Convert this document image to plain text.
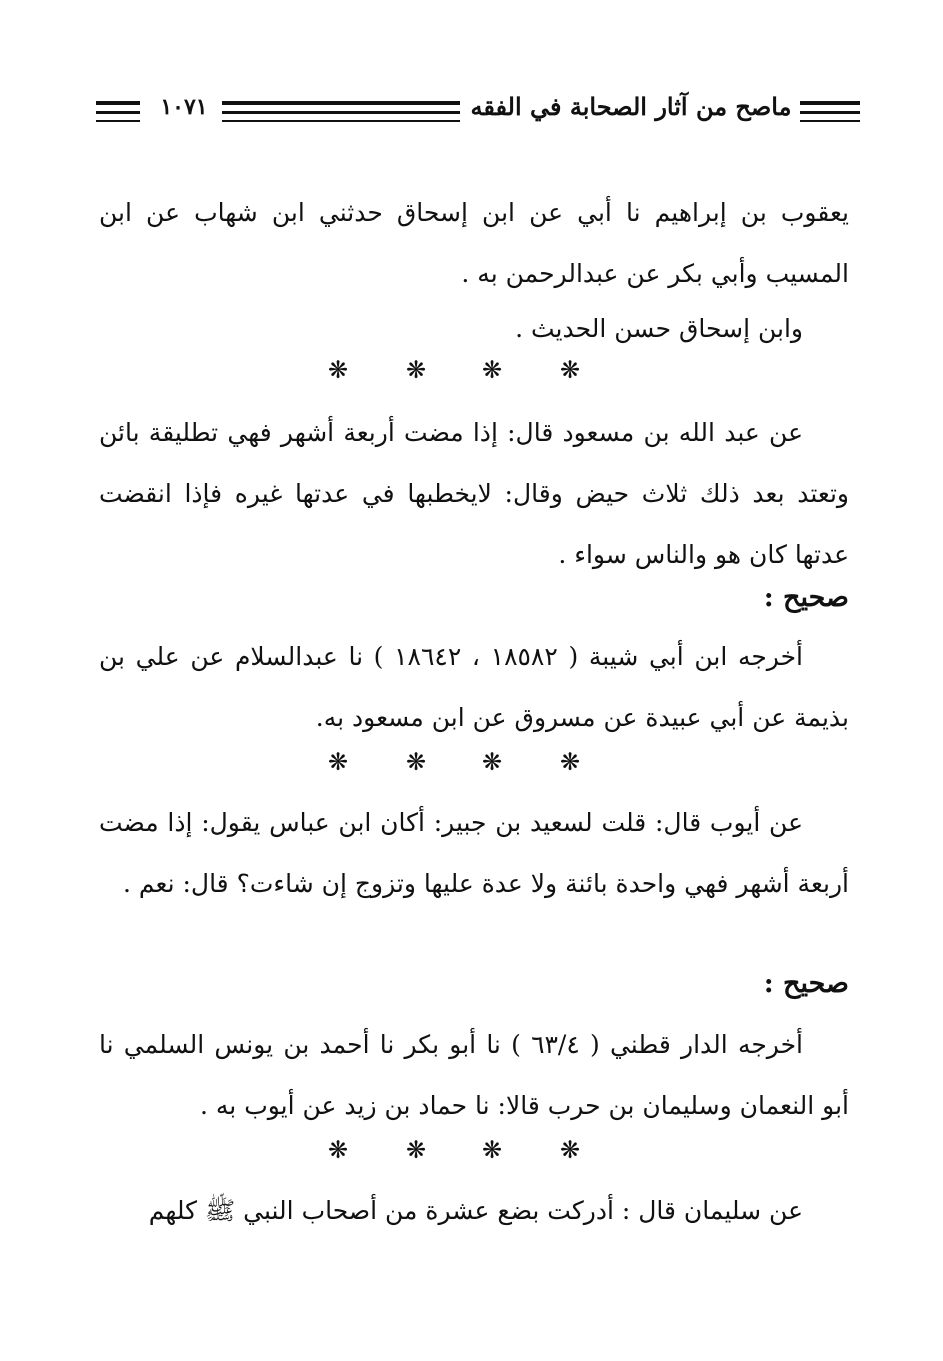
١٠٧١	ماصح من آثار الصحابة في الفقه
يعقوب بن إبراهيم نا أبي عن ابن إسحاق حدثني ابن شهاب عن ابن المسيب وأبي بكر عن عبدالرحمن به .
وابن إسحاق حسن الحديث .
❋ ❋ ❋ ❋
عن عبد الله بن مسعود قال: إذا مضت أربعة أشهر فهي تطليقة بائن وتعتد بعد ذلك ثلاث حيض وقال: لايخطبها في عدتها غيره فإذا انقضت عدتها كان هو والناس سواء .
صحيح :
أخرجه ابن أبي شيبة ( ١٨٥٨٢ ، ١٨٦٤٢ ) نا عبدالسلام عن علي بن بذيمة عن أبي عبيدة عن مسروق عن ابن مسعود به.
❋ ❋ ❋ ❋
عن أيوب قال: قلت لسعيد بن جبير: أكان ابن عباس يقول: إذا مضت أربعة أشهر فهي واحدة بائنة ولا عدة عليها وتزوج إن شاءت؟ قال: نعم .
صحيح :
أخرجه الدار قطني ( ٦٣/٤ ) نا أبو بكر نا أحمد بن يونس السلمي نا أبو النعمان وسليمان بن حرب قالا: نا حماد بن زيد عن أيوب به .
❋ ❋ ❋ ❋
عن سليمان قال : أدركت بضع عشرة من أصحاب النبي ﷺ كلهم
